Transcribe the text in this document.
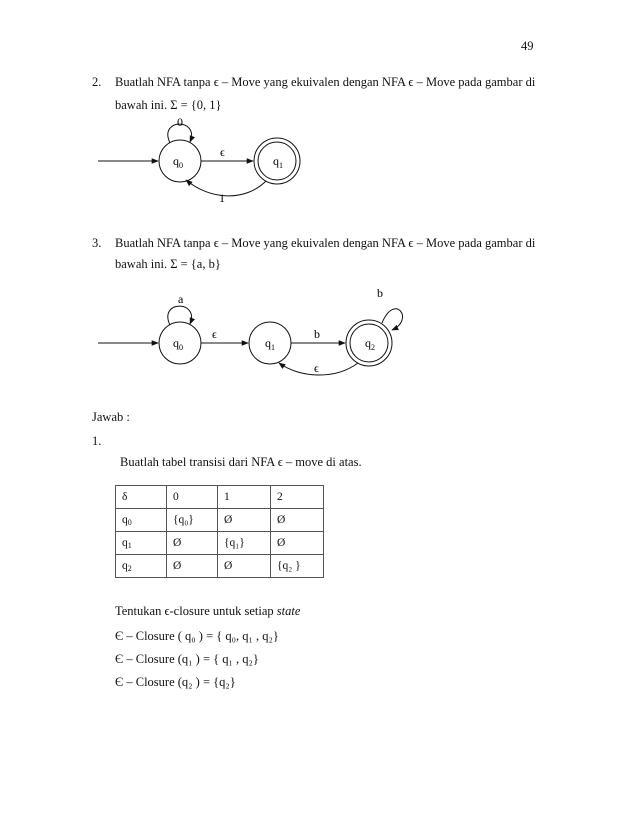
49
2. Buatlah NFA tanpa ϵ – Move yang ekuivalen dengan NFA ϵ – Move pada gambar di
bawah ini. Σ = {0, 1}
$q_0$
0
ϵ
$q_1$
1
3. Buatlah NFA tanpa ϵ – Move yang ekuivalen dengan NFA ϵ – Move pada gambar di
bawah ini. Σ = {a, b}
$q_0$
a
ϵ
$q_1$
b
$q_2$
b
ϵ
Jawab :
1.
Buatlah tabel transisi dari NFA ϵ – move di atas.
δ	0	1	2
$q_0$	{q₀}	Ø	Ø
$q_1$	Ø	{q₁}	Ø
$q_2$	Ø	Ø	{q₂ }
Tentukan ϵ-closure untuk setiap state
Є – Closure ( q₀ ) = { q₀, q₁ , q₂}
Є – Closure (q₁ ) = { q₁ , q₂}
Є – Closure (q₂ ) = {q₂}
